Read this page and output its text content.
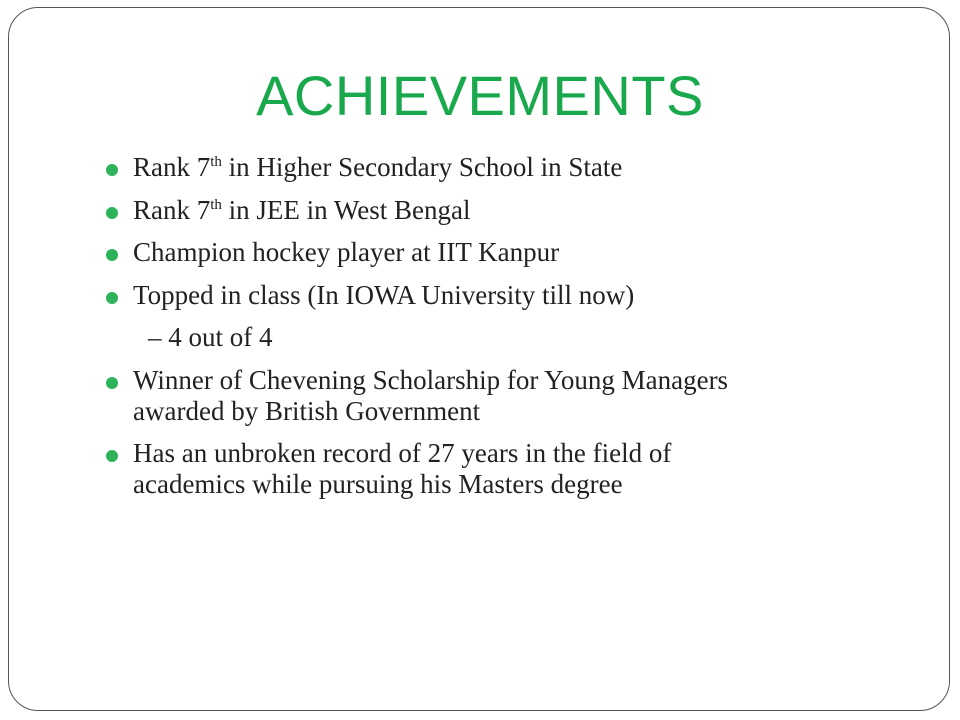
ACHIEVEMENTS
Rank 7th in Higher Secondary School in State
Rank 7th in JEE in West Bengal
Champion hockey player at IIT Kanpur
Topped in class (In IOWA University till now)
– 4 out of 4
Winner of Chevening Scholarship for Young Managers
awarded by British Government
Has an unbroken record of 27 years in the field of
academics while pursuing his Masters degree
